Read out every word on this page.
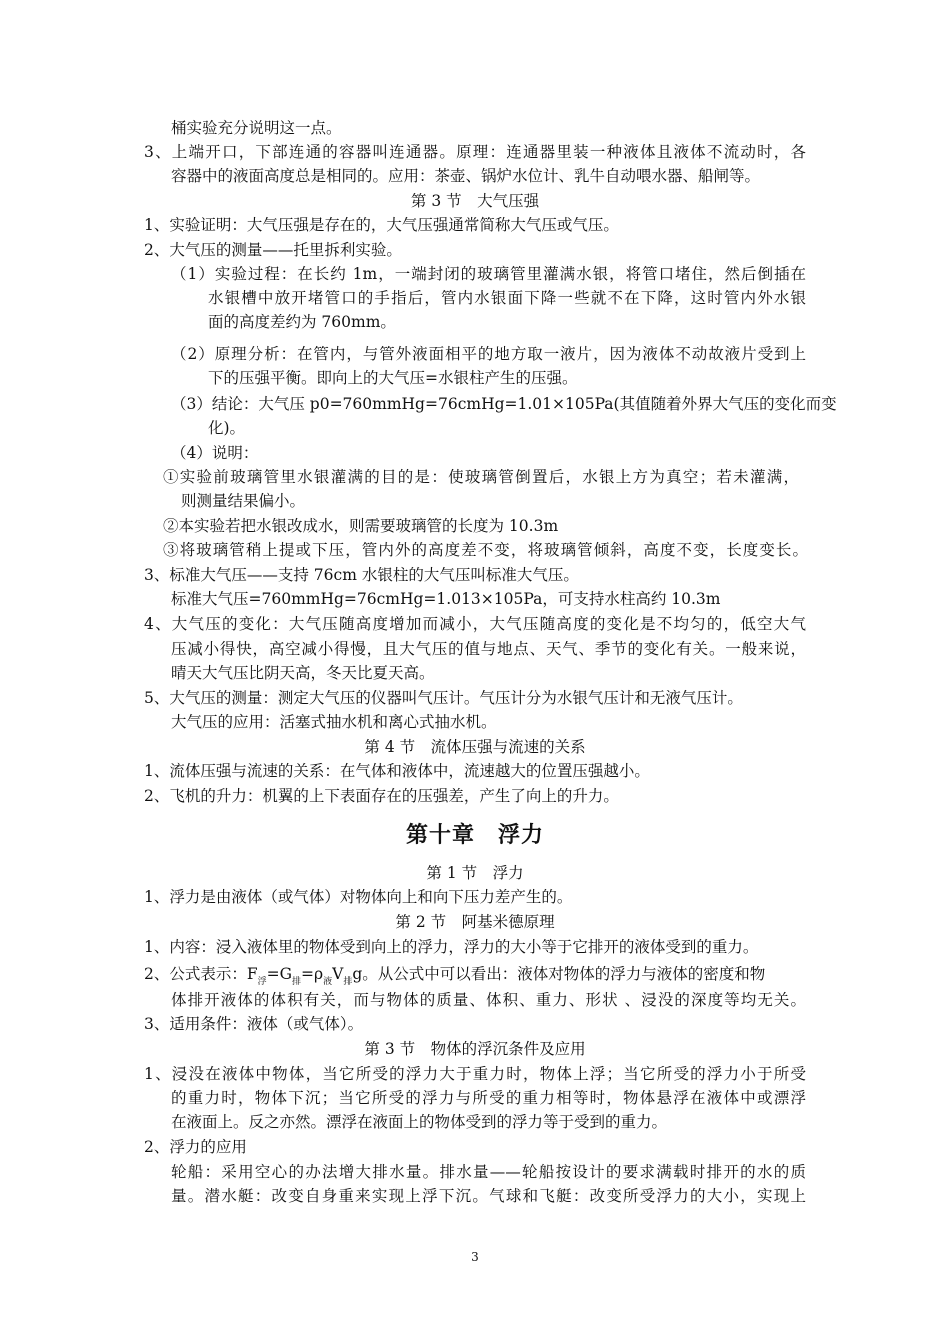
桶实验充分说明这一点。
3、上端开口，下部连通的容器叫连通器。原理：连通器里装一种液体且液体不流动时，各
容器中的液面高度总是相同的。应用：茶壶、锅炉水位计、乳牛自动喂水器、船闸等。
第 3 节　大气压强
1、实验证明：大气压强是存在的，大气压强通常简称大气压或气压。
2、大气压的测量——托里拆利实验。
（1）实验过程：在长约 1m，一端封闭的玻璃管里灌满水银，将管口堵住，然后倒插在
水银槽中放开堵管口的手指后，管内水银面下降一些就不在下降，这时管内外水银
面的高度差约为 760mm。
（2）原理分析：在管内，与管外液面相平的地方取一液片，因为液体不动故液片受到上
下的压强平衡。即向上的大气压=水银柱产生的压强。
（3）结论：大气压 p0=760mmHg=76cmHg=1.01×105Pa(其值随着外界大气压的变化而变
化)。
（4）说明：
①实验前玻璃管里水银灌满的目的是：使玻璃管倒置后，水银上方为真空；若未灌满，
则测量结果偏小。
②本实验若把水银改成水，则需要玻璃管的长度为 10.3m
③将玻璃管稍上提或下压，管内外的高度差不变，将玻璃管倾斜，高度不变，长度变长。
3、标准大气压——支持 76cm 水银柱的大气压叫标准大气压。
标准大气压=760mmHg=76cmHg=1.013×105Pa，可支持水柱高约 10.3m
4、大气压的变化：大气压随高度增加而减小，大气压随高度的变化是不均匀的，低空大气
压减小得快，高空减小得慢，且大气压的值与地点、天气、季节的变化有关。一般来说，
晴天大气压比阴天高，冬天比夏天高。
5、大气压的测量：测定大气压的仪器叫气压计。气压计分为水银气压计和无液气压计。
大气压的应用：活塞式抽水机和离心式抽水机。
第 4 节　流体压强与流速的关系
1、流体压强与流速的关系：在气体和液体中，流速越大的位置压强越小。
2、飞机的升力：机翼的上下表面存在的压强差，产生了向上的升力。
第十章　浮力
第 1 节　浮力
1、浮力是由液体（或气体）对物体向上和向下压力差产生的。
第 2 节　阿基米德原理
1、内容：浸入液体里的物体受到向上的浮力，浮力的大小等于它排开的液体受到的重力。
2、公式表示：$F_浮=G_排=\rho_液V_排g$。从公式中可以看出：液体对物体的浮力与液体的密度和物
体排开液体的体积有关，而与物体的质量、体积、重力、形状 、浸没的深度等均无关。
3、适用条件：液体（或气体）。
第 3 节　物体的浮沉条件及应用
1、浸没在液体中物体，当它所受的浮力大于重力时，物体上浮；当它所受的浮力小于所受
的重力时，物体下沉；当它所受的浮力与所受的重力相等时，物体悬浮在液体中或漂浮
在液面上。反之亦然。漂浮在液面上的物体受到的浮力等于受到的重力。
2、浮力的应用
轮船：采用空心的办法增大排水量。排水量——轮船按设计的要求满载时排开的水的质
量。潜水艇：改变自身重来实现上浮下沉。气球和飞艇：改变所受浮力的大小，实现上
3
